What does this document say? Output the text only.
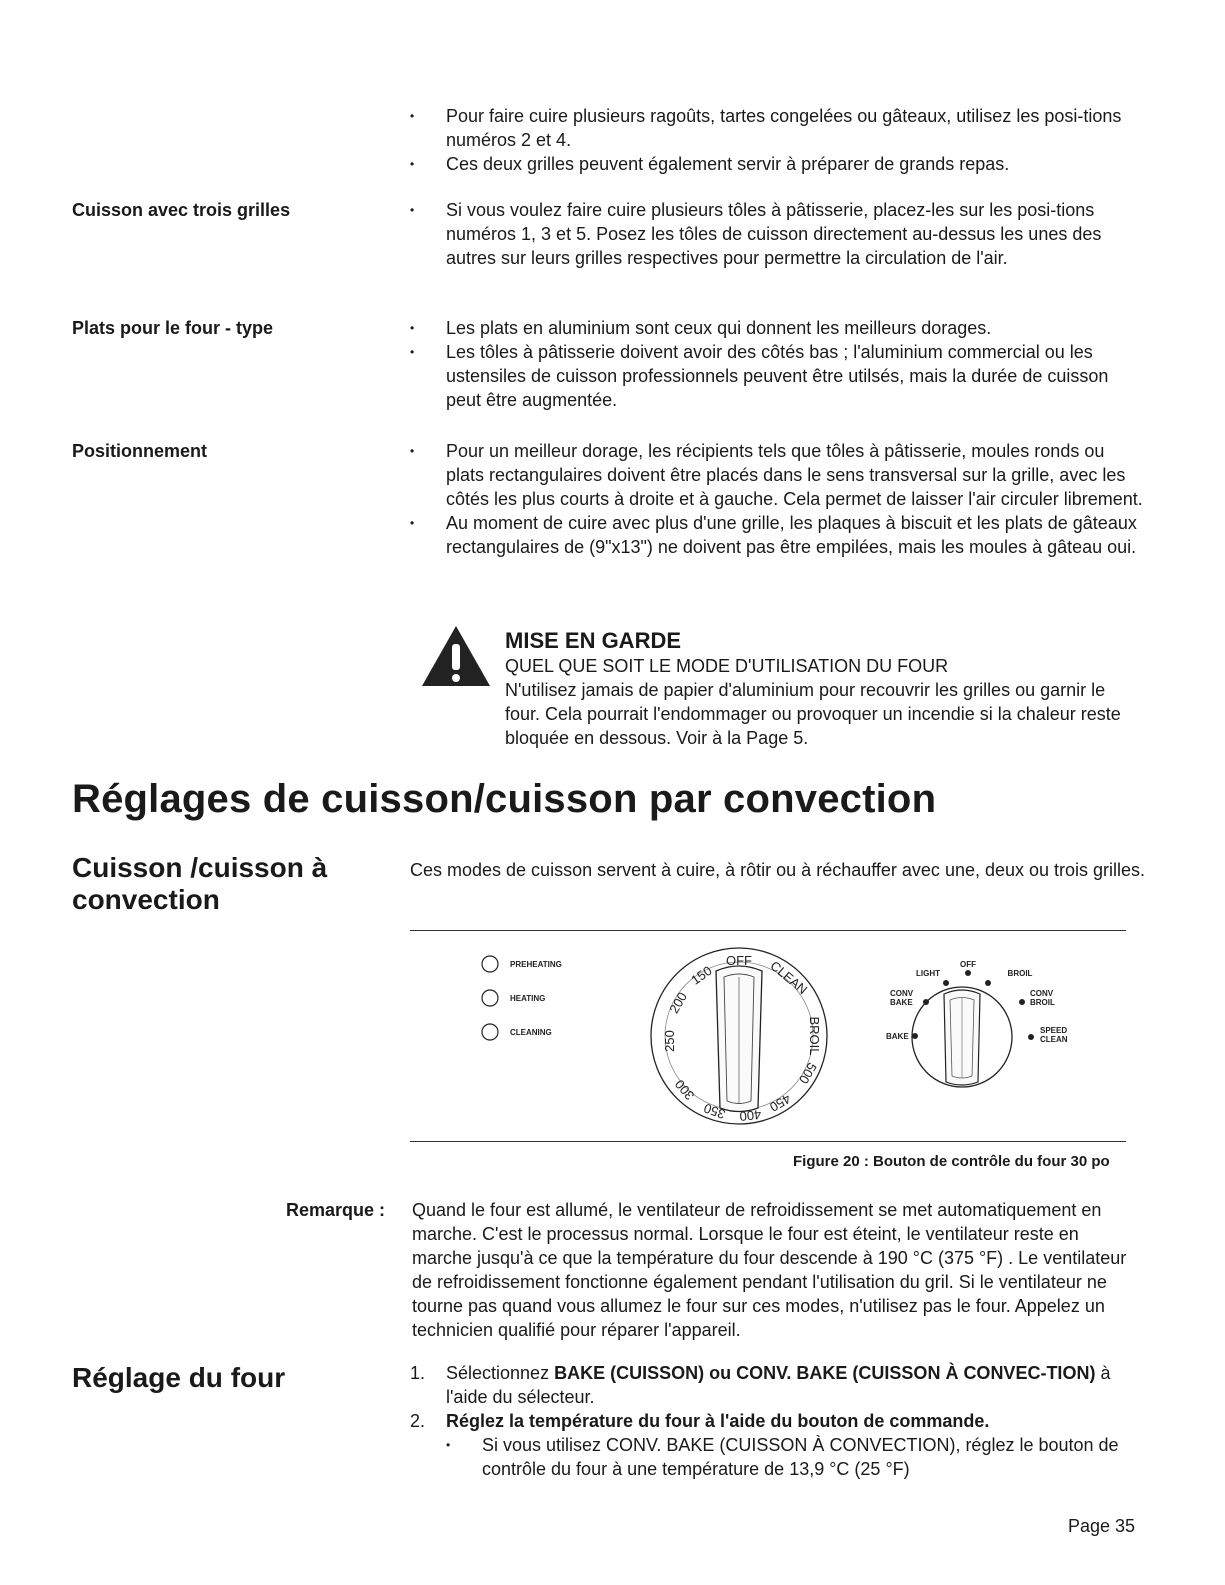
• Pour faire cuire plusieurs ragoûts, tartes congelées ou gâteaux, utilisez les posi-tions numéros 2 et 4.
• Ces deux grilles peuvent également servir à préparer de grands repas.
Cuisson avec trois grilles	• Si vous voulez faire cuire plusieurs tôles à pâtisserie, placez-les sur les posi-tions numéros 1, 3 et 5. Posez les tôles de cuisson directement au-dessus les unes des autres sur leurs grilles respectives pour permettre la circulation de l'air.
Plats pour le four - type	• Les plats en aluminium sont ceux qui donnent les meilleurs dorages.
• Les tôles à pâtisserie doivent avoir des côtés bas ; l'aluminium commercial ou les ustensiles de cuisson professionnels peuvent être utilsés, mais la durée de cuisson peut être augmentée.
Positionnement	• Pour un meilleur dorage, les récipients tels que tôles à pâtisserie, moules ronds ou plats rectangulaires doivent être placés dans le sens transversal sur la grille, avec les côtés les plus courts à droite et à gauche. Cela permet de laisser l'air circuler librement.
• Au moment de cuire avec plus d'une grille, les plaques à biscuit et les plats de gâteaux rectangulaires de (9"x13") ne doivent pas être empilées, mais les moules à gâteau oui.
MISE EN GARDE
QUEL QUE SOIT LE MODE D'UTILISATION DU FOUR
N'utilisez jamais de papier d'aluminium pour recouvrir les grilles ou garnir le four. Cela pourrait l'endommager ou provoquer un incendie si la chaleur reste bloquée en dessous. Voir à la Page 5.
Réglages de cuisson/cuisson par convection
Cuisson /cuisson à
convection
Ces modes de cuisson servent à cuire, à rôtir ou à réchauffer avec une, deux ou trois grilles.
PREHEATING
HEATING
CLEANING
OFF CLEAN
BROIL
500
450
400
350
300
250
200
150	OFF
LIGHT	BROIL
CONV
BAKE
CONV
BROIL
BAKE
SPEED
CLEAN
Figure 20 : Bouton de contrôle du four 30 po
Remarque : Quand le four est allumé, le ventilateur de refroidissement se met automatiquement en marche. C'est le processus normal. Lorsque le four est éteint, le ventilateur reste en marche jusqu'à ce que la température du four descende à 190 °C (375 °F) . Le ventilateur de refroidissement fonctionne également pendant l'utilisation du gril. Si le ventilateur ne tourne pas quand vous allumez le four sur ces modes, n'utilisez pas le four. Appelez un technicien qualifié pour réparer l'appareil.
Réglage du four	1. Sélectionnez BAKE (CUISSON) ou CONV. BAKE (CUISSON À CONVEC-TION) à l'aide du sélecteur.
2. Réglez la température du four à l'aide du bouton de commande.
• Si vous utilisez CONV. BAKE (CUISSON À CONVECTION), réglez le bouton de contrôle du four à une température de 13,9 °C (25 °F)
Page 35
